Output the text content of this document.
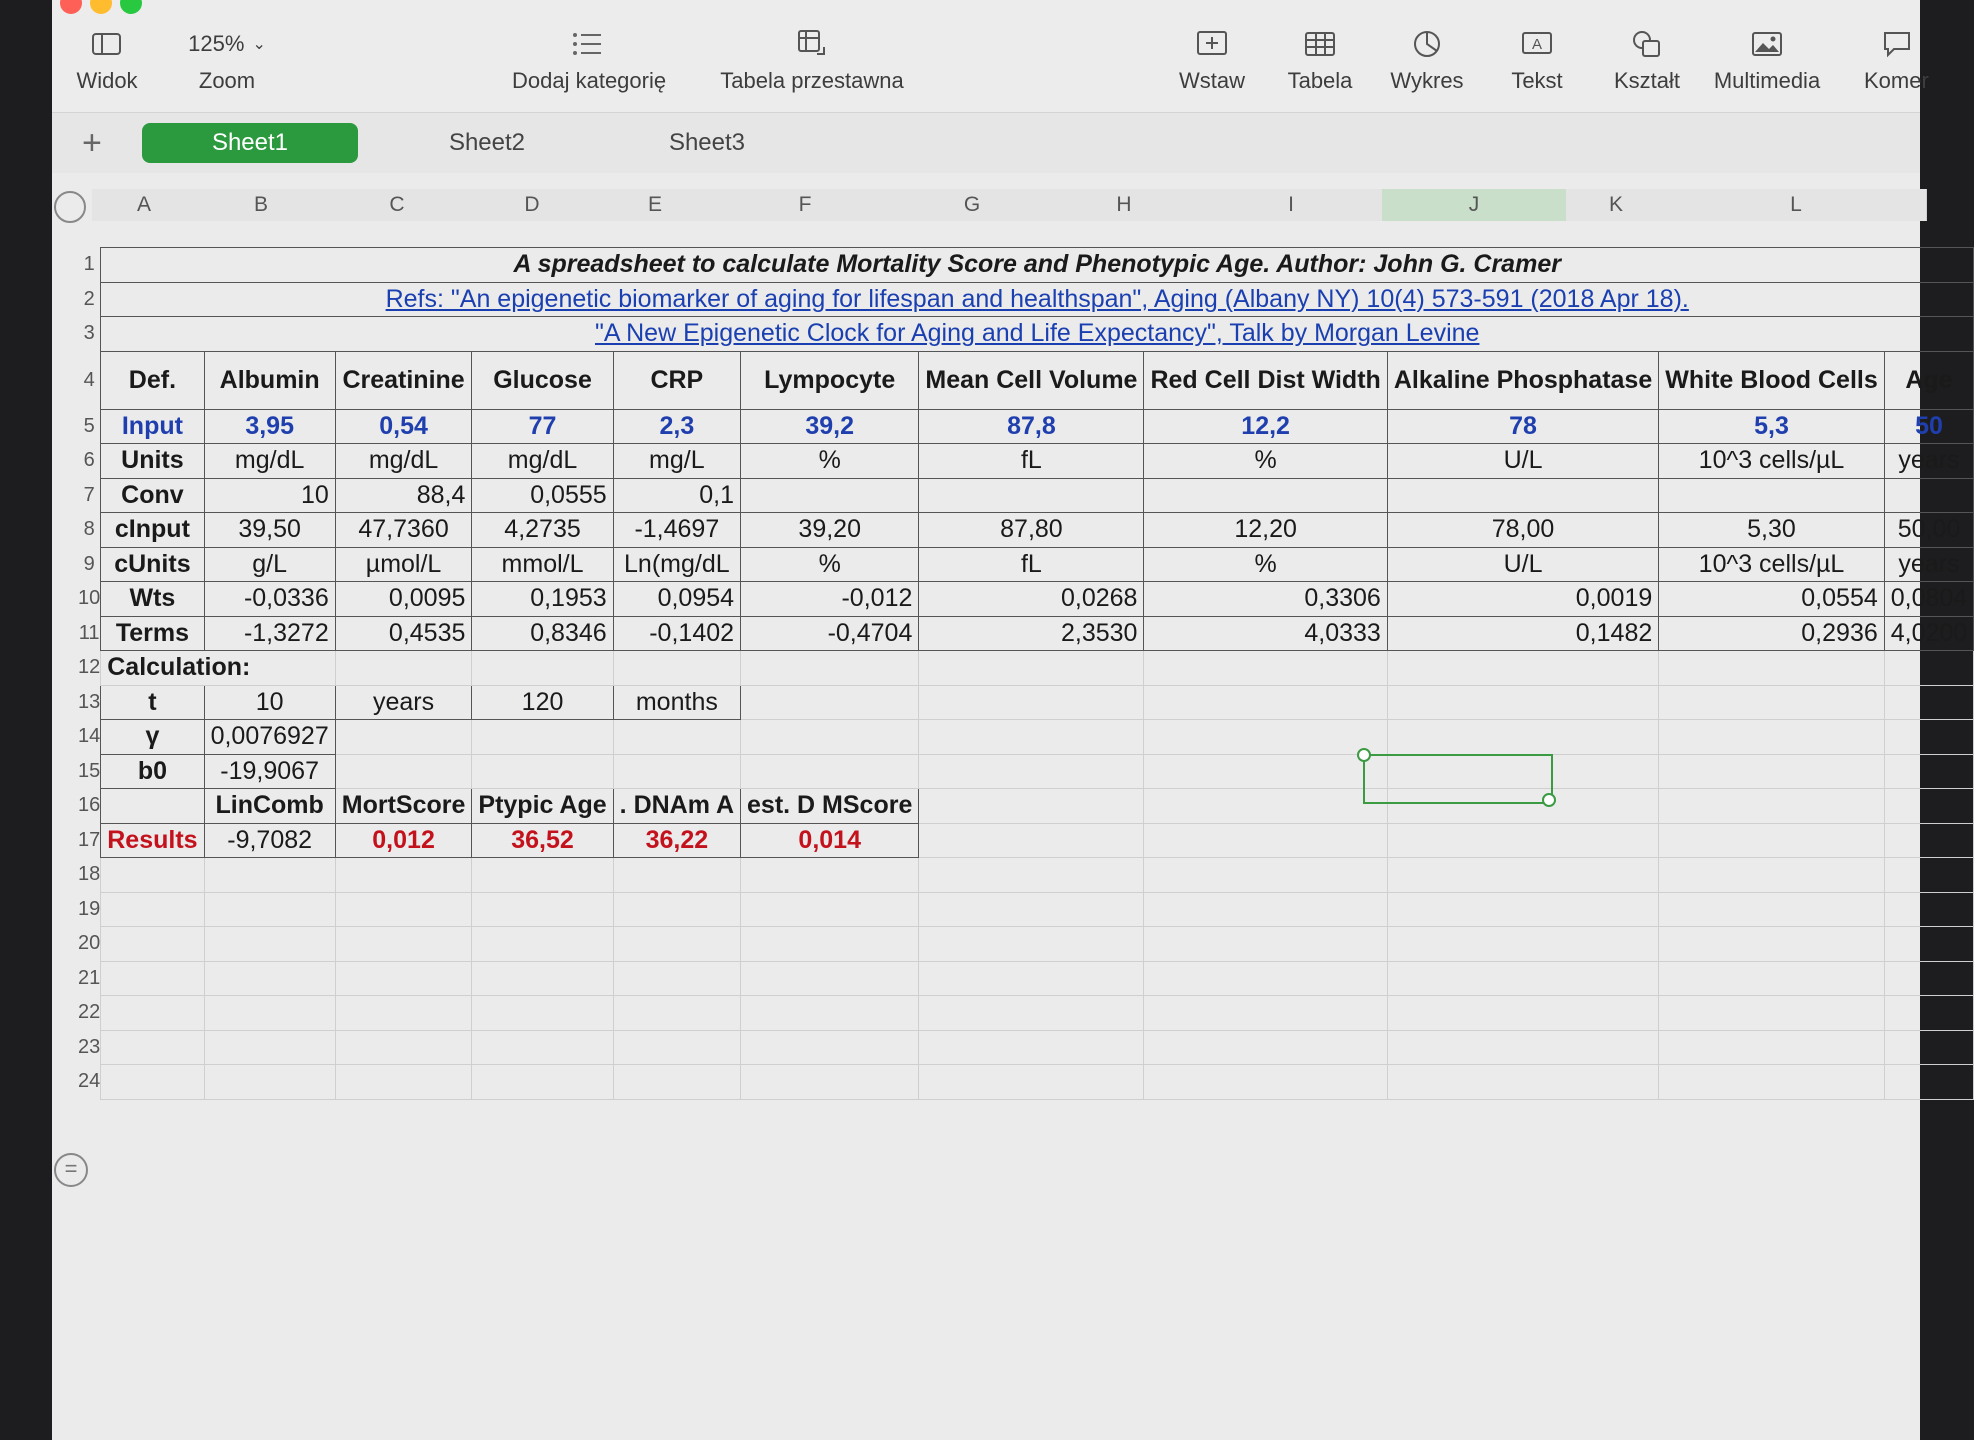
Widok
125% ⌄
Zoom	Dodaj kategorię	Tabela przestawna	Wstaw	Tabela	Wykres
A
Tekst	Kształt	Multimedia	Komer
+	Sheet1	Sheet2	Sheet3
A	B	C	D	E	F	G	H	I	J	K	L
1	A spreadsheet to calculate Mortality Score and Phenotypic Age. Author: John G. Cramer										
2	Refs: "An epigenetic biomarker of aging for lifespan and healthspan", Aging (Albany NY) 10(4) 573-591 (2018 Apr 18).										
3	"A New Epigenetic Clock for Aging and Life Expectancy", Talk by Morgan Levine										
4	Def.	Albumin	Creatinine	Glucose	CRP	Lympocyte	Mean Cell Volume	Red Cell Dist Width	Alkaline Phosphatase	White Blood Cells	Age
5	Input	3,95	0,54	77	2,3	39,2	87,8	12,2	78	5,3	50
6	Units	mg/dL	mg/dL	mg/dL	mg/L	%	fL	%	U/L	10^3 cells/µL	years
7	Conv	10	88,4	0,0555	0,1						
8	cInput	39,50	47,7360	4,2735	-1,4697	39,20	87,80	12,20	78,00	5,30	50,00
9	cUnits	g/L	µmol/L	mmol/L	Ln(mg/dL	%	fL	%	U/L	10^3 cells/µL	years
10	Wts	-0,0336	0,0095	0,1953	0,0954	-0,012	0,0268	0,3306	0,0019	0,0554	0,0804
11	Terms	-1,3272	0,4535	0,8346	-0,1402	-0,4704	2,3530	4,0333	0,1482	0,2936	4,0200
12	Calculation:										
13	t	10	years	120	months						
14	γ	0,0076927									
15	b0	-19,9067									
16		LinComb	MortScore	Ptypic Age	. DNAm A	est. D MScore					
17	Results	-9,7082	0,012	36,52	36,22	0,014					
18											
19											
20											
21											
22											
23											
24											
=
